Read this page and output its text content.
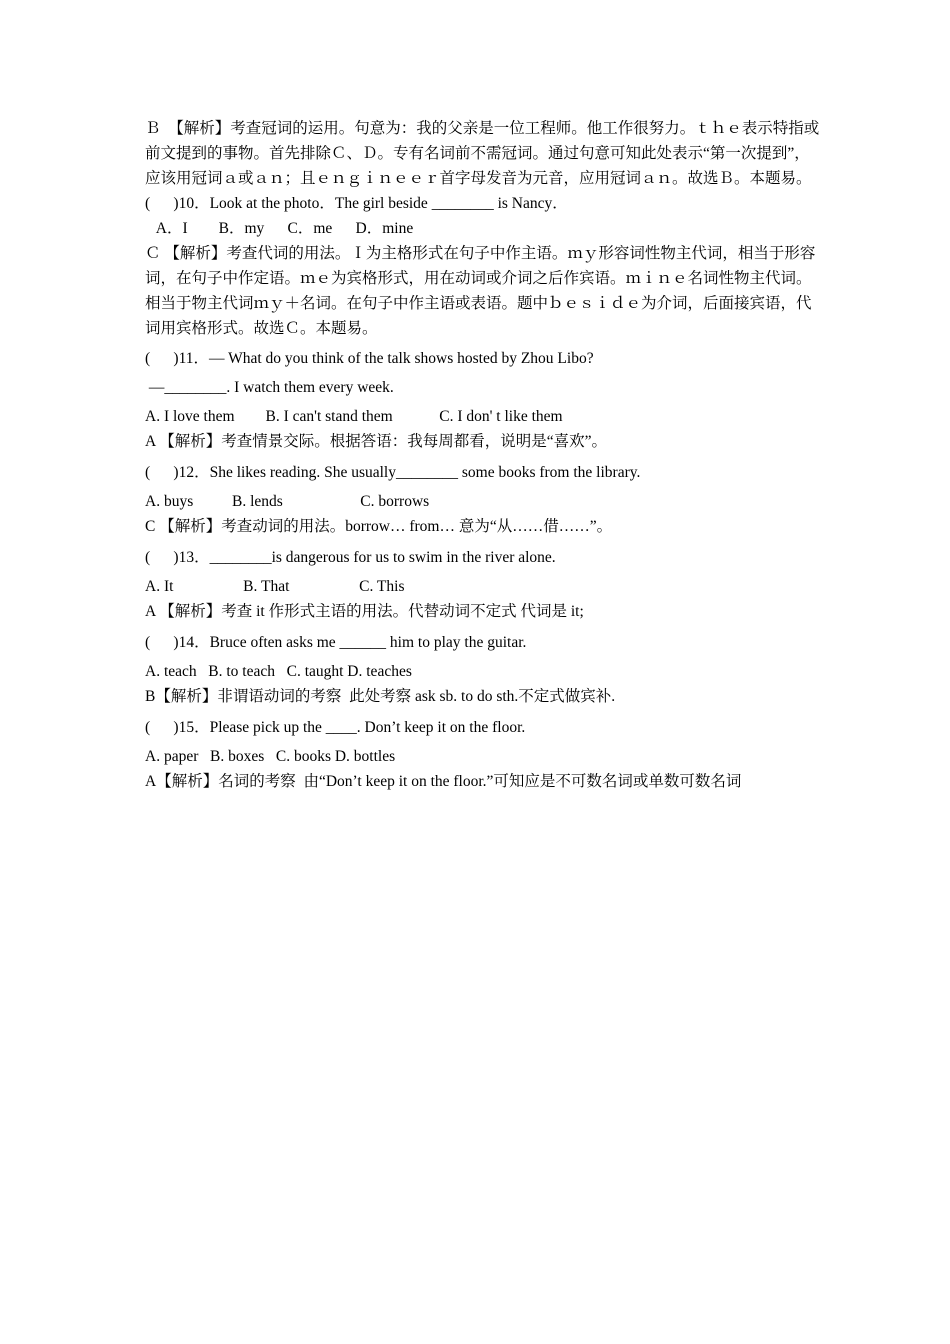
Ｂ　【解析】考查冠词的运用。句意为：我的父亲是一位工程师。他工作很努力。ｔｈｅ表示特指或前文提到的事物。首先排除Ｃ、Ｄ。专有名词前不需冠词。通过句意可知此处表示“第一次提到”，应该用冠词ａ或ａｎ；且ｅｎｇｉｎｅｅｒ首字母发音为元音，应用冠词ａｎ。故选Ｂ。本题易。
(　  )10．Look at the photo．The girl beside ________ is Nancy．
A．I　    B．my      C．me      D．mine
Ｃ 【解析】考查代词的用法。Ｉ为主格形式在句子中作主语。ｍｙ形容词性物主代词，相当于形容词，在句子中作定语。ｍｅ为宾格形式，用在动词或介词之后作宾语。ｍｉｎｅ名词性物主代词。相当于物主代词ｍｙ＋名词。在句子中作主语或表语。题中ｂｅｓｉｄｅ为介词，后面接宾语，代词用宾格形式。故选Ｃ。本题易。
(      )11．— What do you think of the talk shows hosted by Zhou Libo?
—________. I watch them every week.
A. I love them        B. I can't stand them            C. I don' t like them
A 【解析】考查情景交际。根据答语：我每周都看，说明是“喜欢”。
(      )12．She likes reading. She usually________ some books from the library.
A. buys          B. lends                    C. borrows
C 【解析】考查动词的用法。borrow… from… 意为“从……借……”。
(      )13．________is dangerous for us to swim in the river alone.
A. It                  B. That                  C. This
A 【解析】考查 it 作形式主语的用法。代替动词不定式 代词是 it;
(      )14．Bruce often asks me ______ him to play the guitar.
A. teach   B. to teach   C. taught D. teaches
B【解析】非谓语动词的考察  此处考察 ask sb. to do sth.不定式做宾补.
(      )15．Please pick up the ____. Don’t keep it on the floor.
A. paper   B. boxes   C. books D. bottles
A【解析】名词的考察  由“Don’t keep it on the floor.”可知应是不可数名词或单数可数名词
